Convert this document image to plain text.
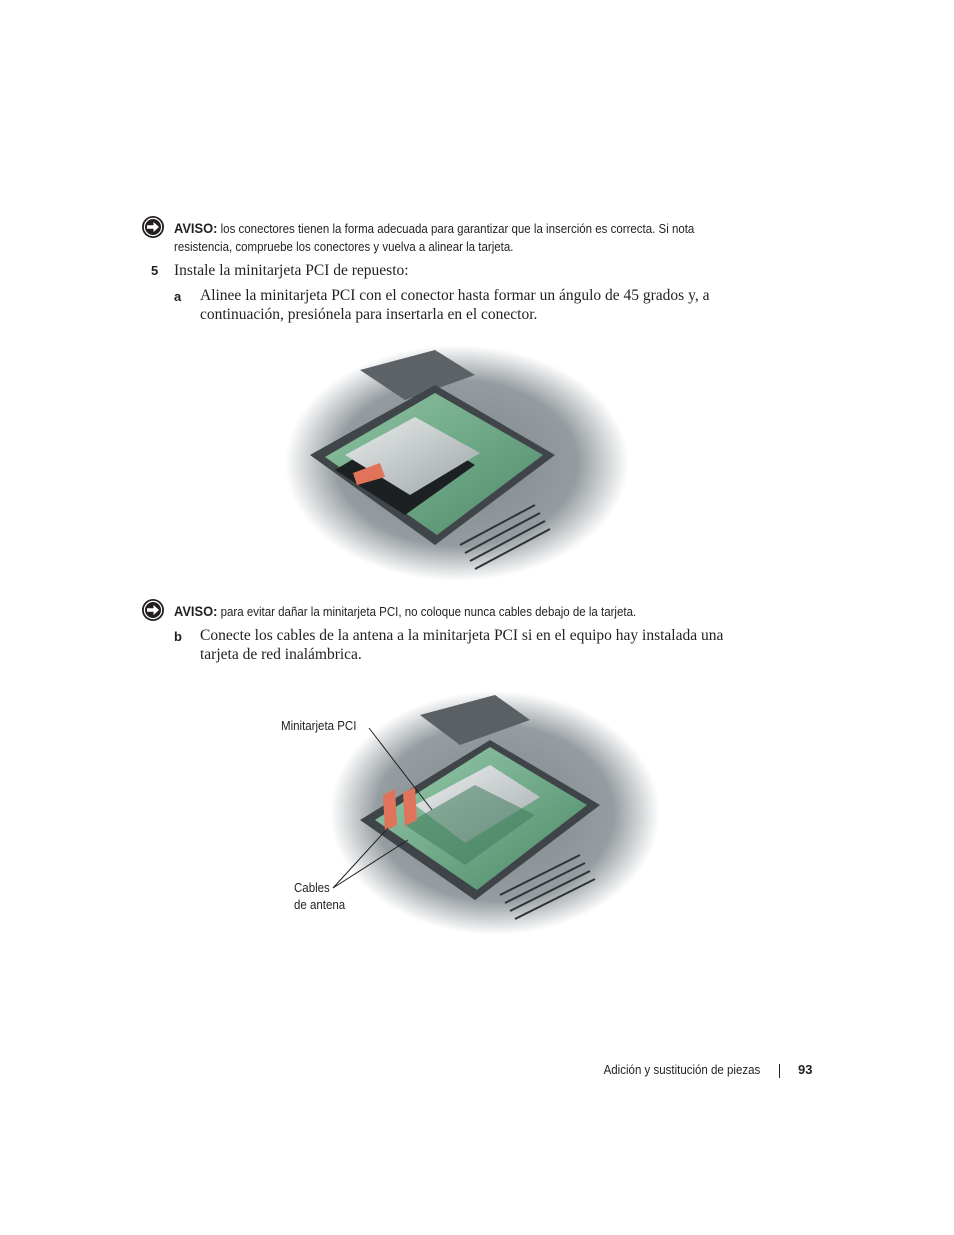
AVISO: los conectores tienen la forma adecuada para garantizar que la inserción es correcta. Si nota
resistencia, compruebe los conectores y vuelva a alinear la tarjeta.
5 Instale la minitarjeta PCI de repuesto:
a Alinee la minitarjeta PCI con el conector hasta formar un ángulo de 45 grados y, a
continuación, presiónela para insertarla en el conector.
AVISO: para evitar dañar la minitarjeta PCI, no coloque nunca cables debajo de la tarjeta.
b Conecte los cables de la antena a la minitarjeta PCI si en el equipo hay instalada una
tarjeta de red inalámbrica.
Minitarjeta PCI
Cables
de antena
Adición y sustitución de piezas	93
